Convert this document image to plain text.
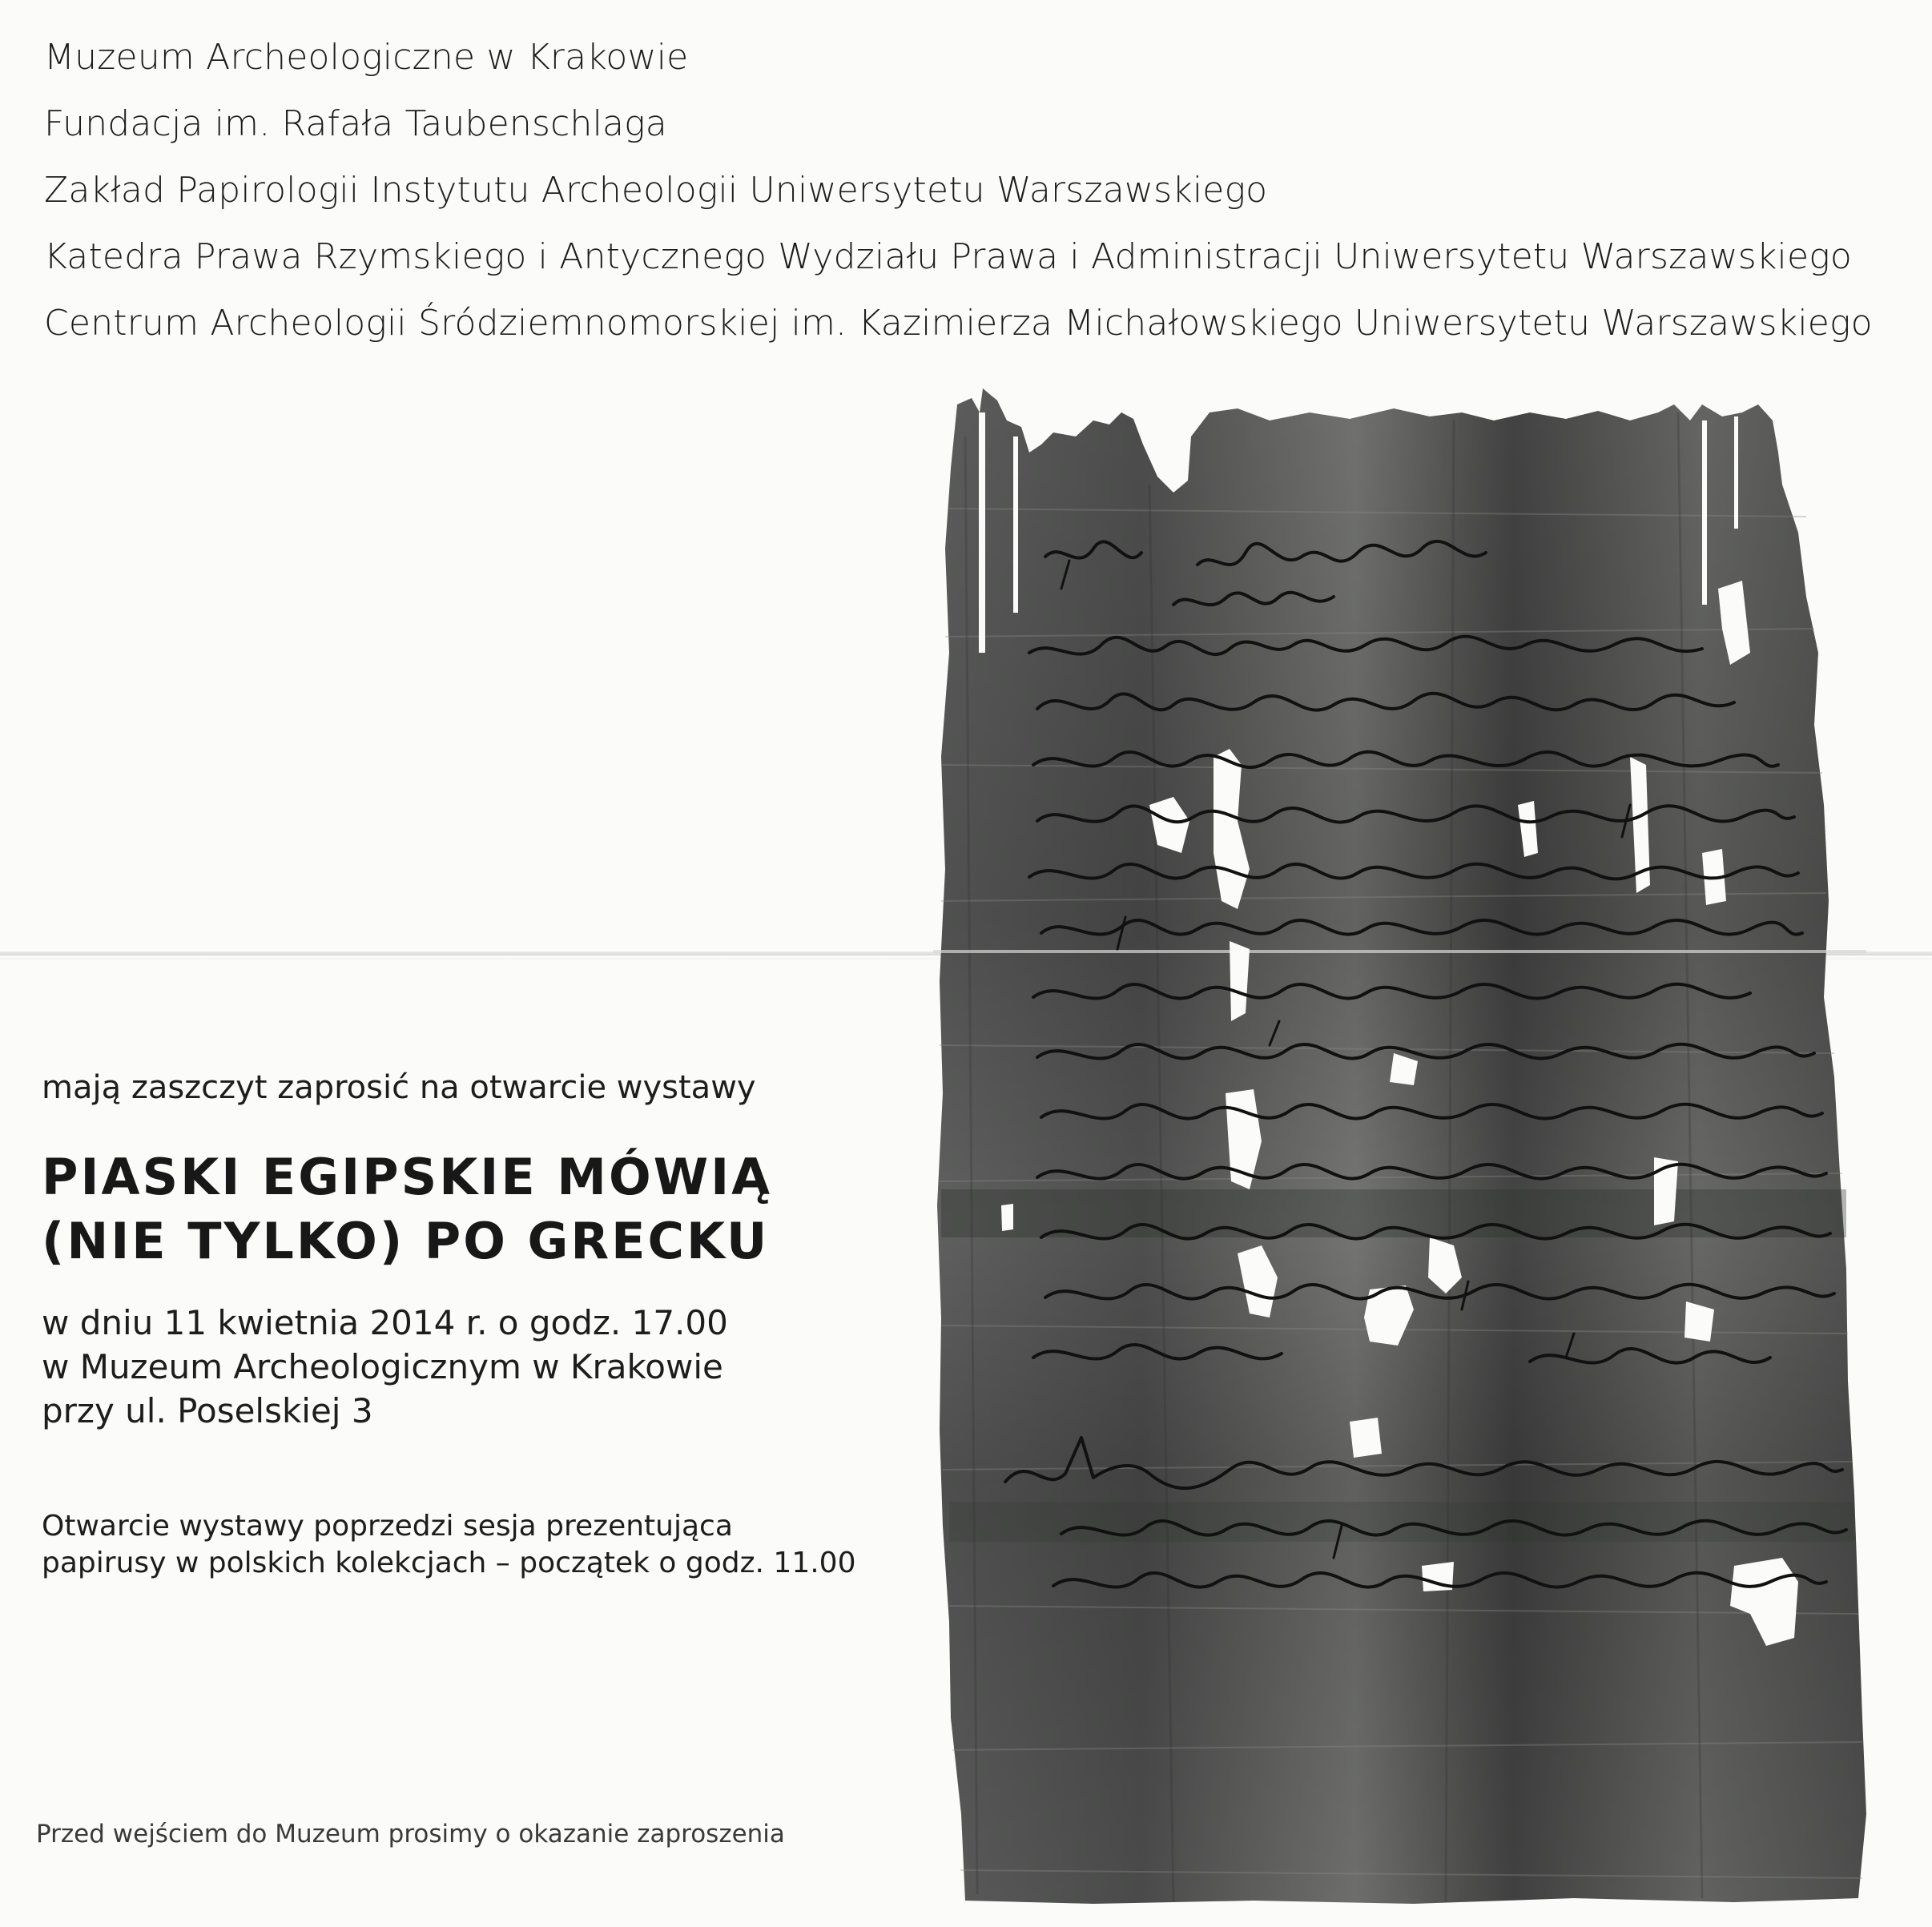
Muzeum Archeologiczne w Krakowie
Fundacja im. Rafała Taubenschlaga
Zakład Papirologii Instytutu Archeologii Uniwersytetu Warszawskiego
Katedra Prawa Rzymskiego i Antycznego Wydziału Prawa i Administracji Uniwersytetu Warszawskiego
Centrum Archeologii Śródziemnomorskiej im. Kazimierza Michałowskiego Uniwersytetu Warszawskiego
mają zaszczyt zaprosić na otwarcie wystawy
PIASKI EGIPSKIE MÓWIĄ
(NIE TYLKO) PO GRECKU
w dniu 11 kwietnia 2014 r. o godz. 17.00
w Muzeum Archeologicznym w Krakowie
przy ul. Poselskiej 3
Otwarcie wystawy poprzedzi sesja prezentująca
papirusy w polskich kolekcjach – początek o godz. 11.00
Przed wejściem do Muzeum prosimy o okazanie zaproszenia
